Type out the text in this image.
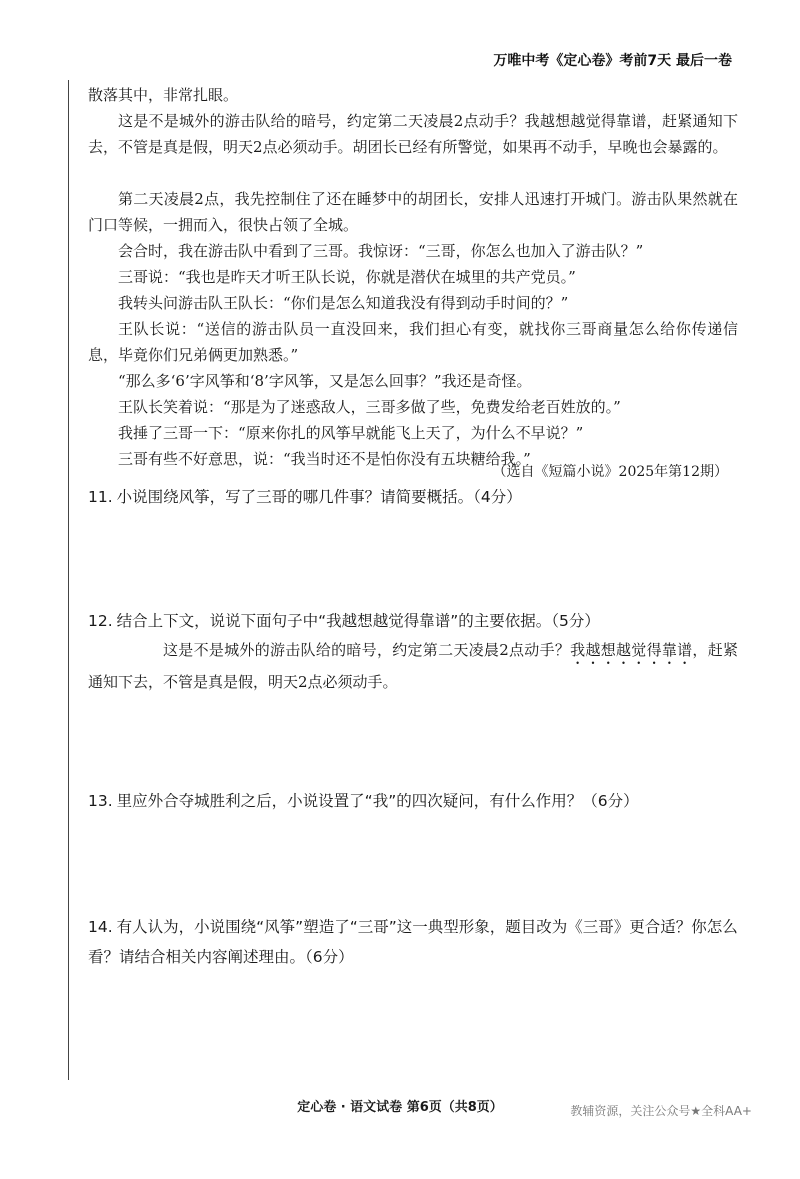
万唯中考《定心卷》考前7天 最后一卷

散落其中，非常扎眼。

这是不是城外的游击队给的暗号，约定第二天凌晨2点动手？我越想越觉得靠谱，赶紧通知下去，不管是真是假，明天2点必须动手。胡团长已经有所警觉，如果再不动手，早晚也会暴露的。

第二天凌晨2点，我先控制住了还在睡梦中的胡团长，安排人迅速打开城门。游击队果然就在门口等候，一拥而入，很快占领了全城。

会合时，我在游击队中看到了三哥。我惊讶：“三哥，你怎么也加入了游击队？”

三哥说：“我也是昨天才听王队长说，你就是潜伏在城里的共产党员。”

我转头问游击队王队长：“你们是怎么知道我没有得到动手时间的？”

王队长说：“送信的游击队员一直没回来，我们担心有变，就找你三哥商量怎么给你传递信息，毕竟你们兄弟俩更加熟悉。”

“那么多‘6’字风筝和‘8’字风筝，又是怎么回事？”我还是奇怪。

王队长笑着说：“那是为了迷惑敌人，三哥多做了些，免费发给老百姓放的。”

我捶了三哥一下：“原来你扎的风筝早就能飞上天了，为什么不早说？”

三哥有些不好意思，说：“我当时还不是怕你没有五块糖给我。”

（选自《短篇小说》2025年第12期）

11. 小说围绕风筝，写了三哥的哪几件事？请简要概括。（4分）

12. 结合上下文，说说下面句子中“我越想越觉得靠谱”的主要依据。（5分）

这是不是城外的游击队给的暗号，约定第二天凌晨2点动手？我越想越觉得靠谱，赶紧通知下去，不管是真是假，明天2点必须动手。

13. 里应外合夺城胜利之后，小说设置了“我”的四次疑问，有什么作用？（6分）

14. 有人认为，小说围绕“风筝”塑造了“三哥”这一典型形象，题目改为《三哥》更合适？你怎么看？请结合相关内容阐述理由。（6分）

定心卷 · 语文试卷 第6页（共8页）	教辅资源，关注公众号★全科AA+
